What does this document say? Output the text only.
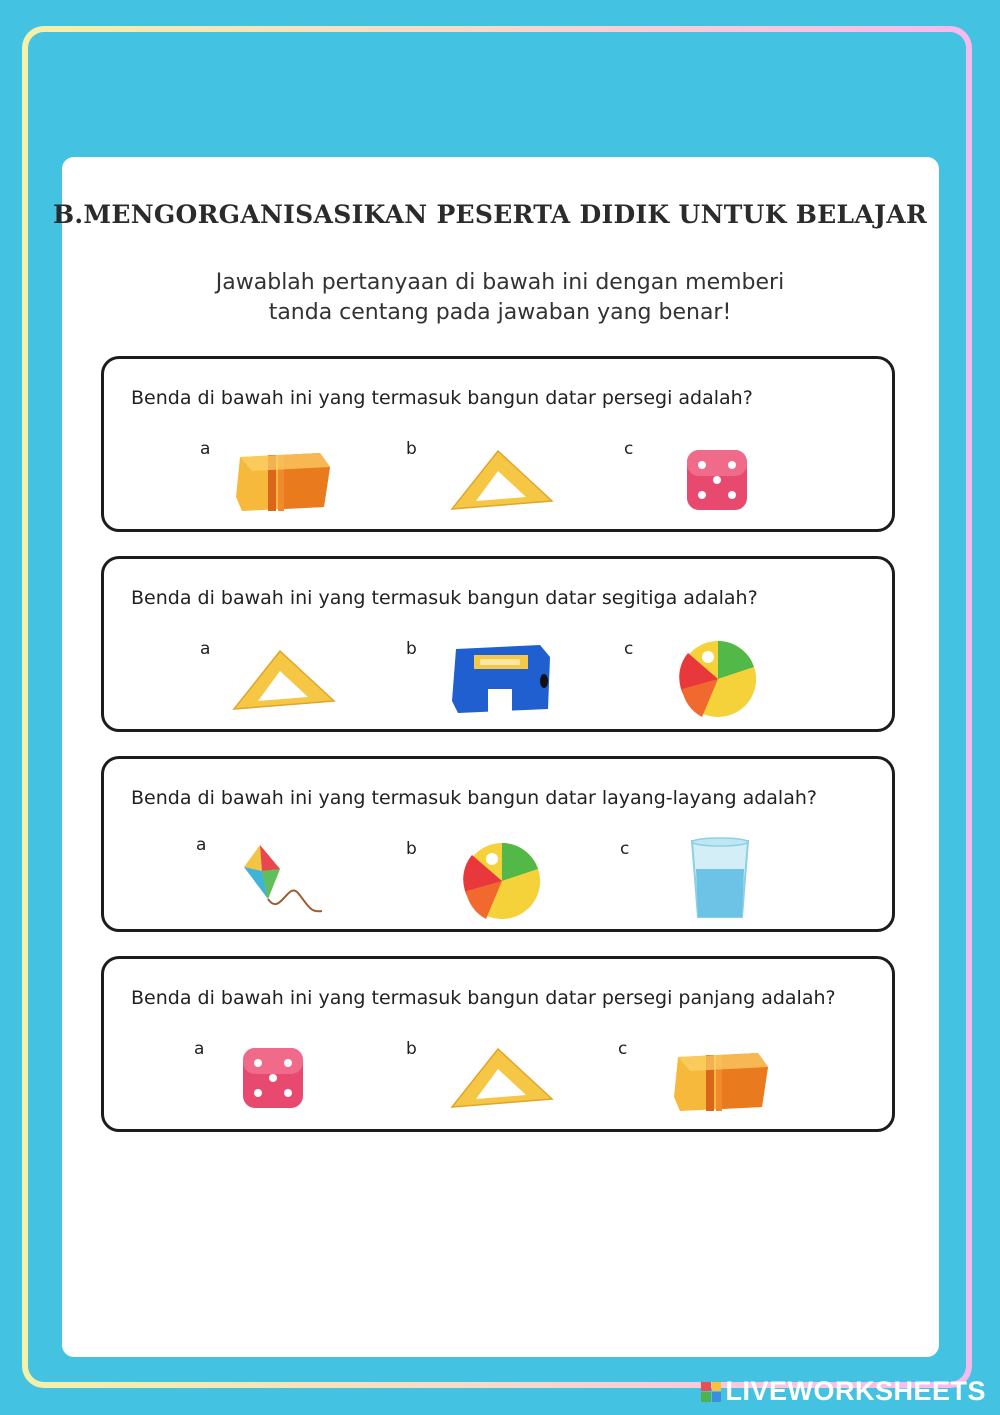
B.MENGORGANISASIKAN PESERTA DIDIK UNTUK BELAJAR
Jawablah pertanyaan di bawah ini dengan memberi
tanda centang pada jawaban yang benar!
Benda di bawah ini yang termasuk bangun datar persegi adalah?
a	b	c
Benda di bawah ini yang termasuk bangun datar segitiga adalah?
a	b	c
Benda di bawah ini yang termasuk bangun datar layang-layang adalah?
a	b	c
Benda di bawah ini yang termasuk bangun datar persegi panjang adalah?
a	b	c
LIVEWORKSHEETS
